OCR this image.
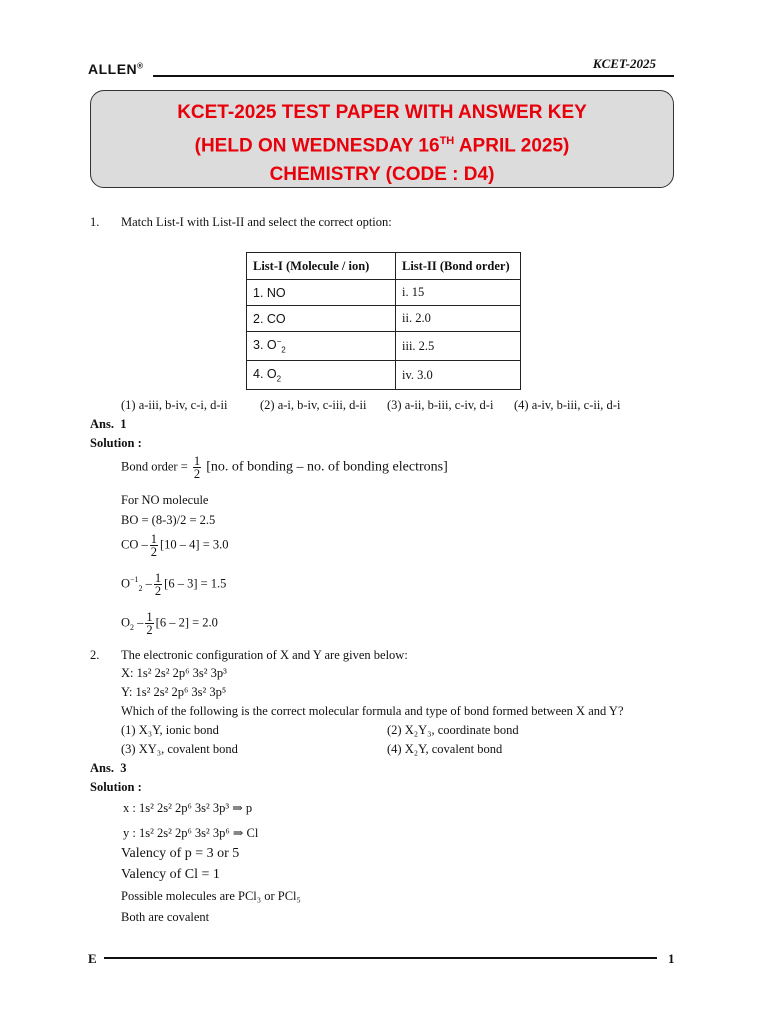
ALLEN®	KCET-2025
KCET-2025 TEST PAPER WITH ANSWER KEY
(HELD ON WEDNESDAY 16TH APRIL 2025)
CHEMISTRY (CODE : D4)
1. Match List-I with List-II and select the correct option:
List-I (Molecule / ion)	List-II (Bond order)
1. NO	i. 15
2. CO	ii. 2.0
3. $O^-_2$	iii. 2.5
4. $O_2$	iv. 3.0
(1) a-iii, b-iv, c-i, d-ii	(2) a-i, b-iv, c-iii, d-ii (3) a-ii, b-iii, c-iv, d-i (4) a-iv, b-iii, c-ii, d-i
Ans. 1
Solution :
Bond order = $\frac{1}{2} [no$. of bonding – no. of bonding electrons]
For NO molecule
BO = (8-3)/2 = 2.5
CO – $\frac{1}{2} [10 - 4] = 3.0$
$O^{-1}_2 - \frac{1}{2} [6 - 3] = 1.5$
$O_2 - \frac{1}{2} [6 - 2] = 2.0$
2. The electronic configuration of X and Y are given below:
X: 1s² 2s² 2p⁶ 3s² 3p³
Y: 1s² 2s² 2p⁶ 3s² 3p⁵
Which of the following is the correct molecular formula and type of bond formed between X and Y?
(1) X₃Y, ionic bond	(2) X₂Y₃, coordinate bond
(3) XY₃, covalent bond	(4) X₂Y, covalent bond
Ans. 3
Solution :
x : 1s² 2s² 2p⁶ 3s² 3p³ ⇒ p
y : 1s² 2s² 2p⁶ 3s² 3p⁶ ⇒ Cl
Valency of p = 3 or 5
Valency of Cl = 1
Possible molecules are PCl₃ or PCl₅
Both are covalent
E	1
